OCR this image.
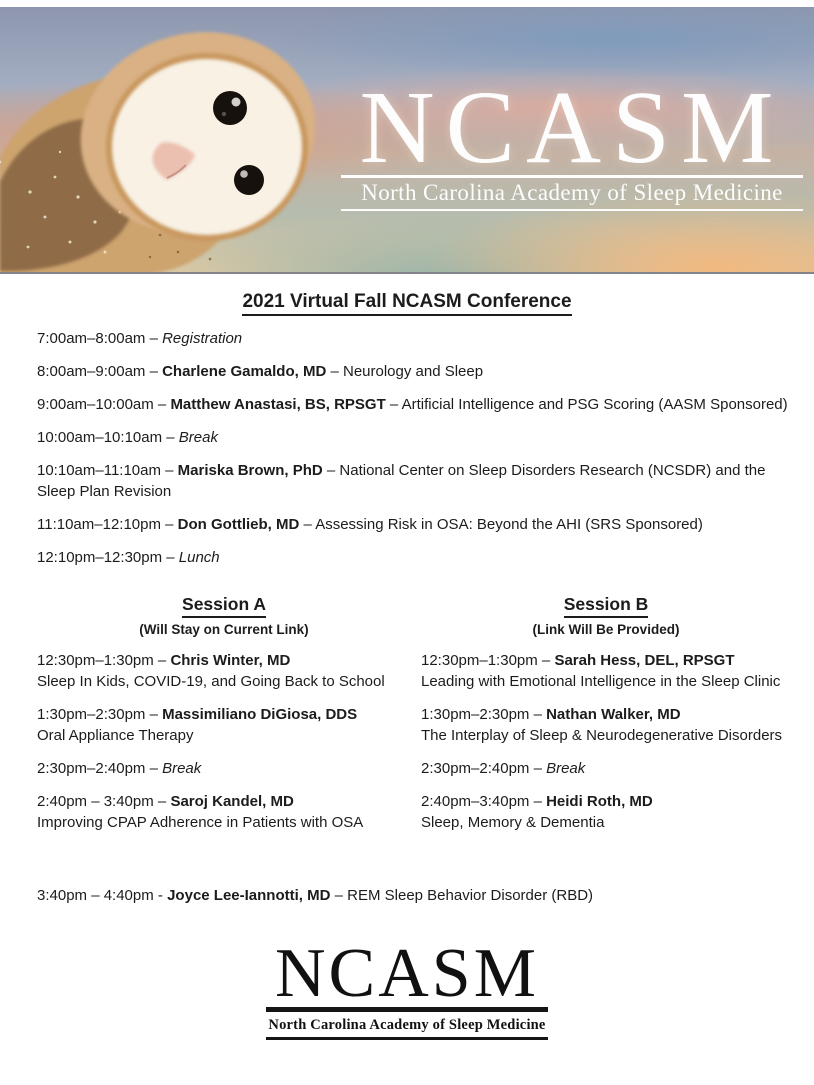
NCASM
North Carolina Academy of Sleep Medicine
2021 Virtual Fall NCASM Conference
7:00am–8:00am – Registration
8:00am–9:00am – Charlene Gamaldo, MD – Neurology and Sleep
9:00am–10:00am – Matthew Anastasi, BS, RPSGT – Artificial Intelligence and PSG Scoring (AASM Sponsored)
10:00am–10:10am – Break
10:10am–11:10am – Mariska Brown, PhD – National Center on Sleep Disorders Research (NCSDR) and the
Sleep Plan Revision
11:10am–12:10pm – Don Gottlieb, MD – Assessing Risk in OSA: Beyond the AHI (SRS Sponsored)
12:10pm–12:30pm – Lunch
Session A
(Will Stay on Current Link)
12:30pm–1:30pm – Chris Winter, MD
Sleep In Kids, COVID-19, and Going Back to School
1:30pm–2:30pm – Massimiliano DiGiosa, DDS
Oral Appliance Therapy
2:30pm–2:40pm – Break
2:40pm – 3:40pm – Saroj Kandel, MD
Improving CPAP Adherence in Patients with OSA
Session B
(Link Will Be Provided)
12:30pm–1:30pm – Sarah Hess, DEL, RPSGT
Leading with Emotional Intelligence in the Sleep Clinic
1:30pm–2:30pm – Nathan Walker, MD
The Interplay of Sleep & Neurodegenerative Disorders
2:30pm–2:40pm – Break
2:40pm–3:40pm – Heidi Roth, MD
Sleep, Memory & Dementia
3:40pm – 4:40pm - Joyce Lee-Iannotti, MD – REM Sleep Behavior Disorder (RBD)
NCASM
North Carolina Academy of Sleep Medicine
